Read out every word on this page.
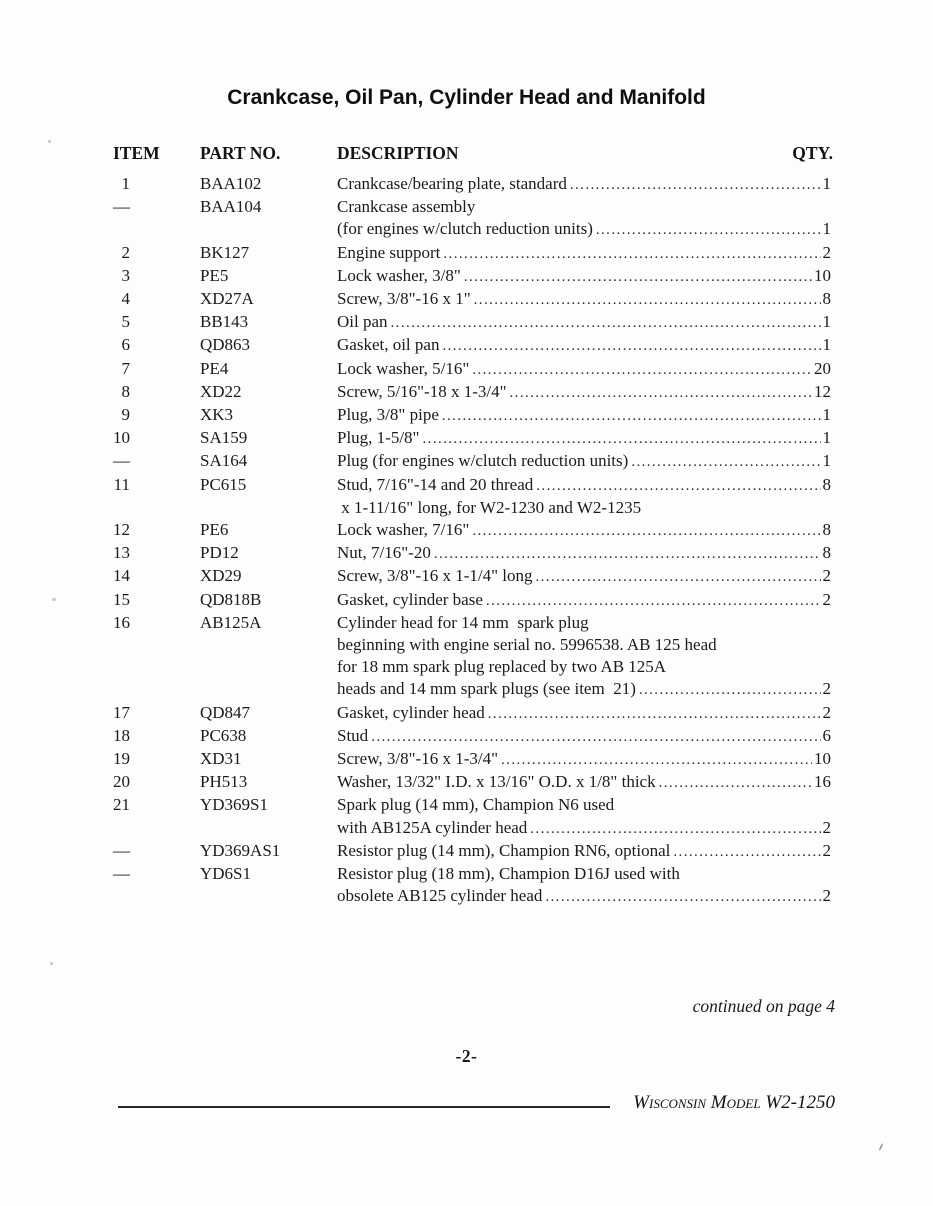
Crankcase, Oil Pan, Cylinder Head and Manifold
ITEM PART NO.	DESCRIPTION	QTY.
1	BAA102	Crankcase/bearing plate, standard .....	1
—	BAA104	Crankcase assembly
(for engines w/clutch reduction units) .....	1
2	BK127	Engine support .....	2
3	PE5	Lock washer, 3/8" .....	10
4	XD27A	Screw, 3/8"-16 x 1" .....	8
5	BB143	Oil pan .....	1
6	QD863	Gasket, oil pan .....	1
7	PE4	Lock washer, 5/16" .....	20
8	XD22	Screw, 5/16"-18 x 1-3/4" .....	12
9	XK3	Plug, 3/8" pipe .....	1
10	SA159	Plug, 1-5/8" .....	1
—	SA164	Plug (for engines w/clutch reduction units) .....	1
11	PC615	Stud, 7/16"-14 and 20 thread .....	8
x 1-11/16" long, for W2-1230 and W2-1235
12	PE6	Lock washer, 7/16" .....	8
13	PD12	Nut, 7/16"-20 .....	8
14	XD29	Screw, 3/8"-16 x 1-1/4" long .....	2
15	QD818B	Gasket, cylinder base .....	2
16	AB125A	Cylinder head for 14 mm  spark plug
beginning with engine serial no. 5996538. AB 125 head
for 18 mm spark plug replaced by two AB 125A
heads and 14 mm spark plugs (see item  21) .....	2
17	QD847	Gasket, cylinder head .....	2
18	PC638	Stud .....	6
19	XD31	Screw, 3/8"-16 x 1-3/4" .....	10
20	PH513	Washer, 13/32" I.D. x 13/16" O.D. x 1/8" thick .....	16
21	YD369S1	Spark plug (14 mm), Champion N6 used
with AB125A cylinder head .....	2
—	YD369AS1	Resistor plug (14 mm), Champion RN6, optional .....	2
—	YD6S1	Resistor plug (18 mm), Champion D16J used with
obsolete AB125 cylinder head .....	2
continued on page 4
-2-
Wisconsin Model W2-1250
